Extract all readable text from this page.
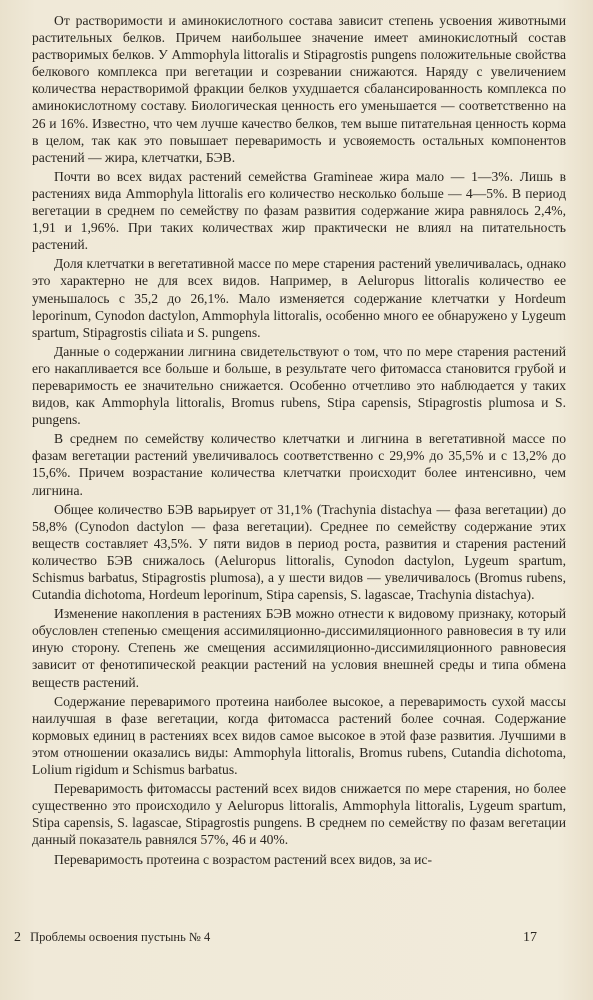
От растворимости и аминокислотного состава зависит степень усвоения животными растительных белков. Причем наибольшее значение имеет аминокислотный состав растворимых белков. У Ammophyla littoralis и Stipagrostis pungens положительные свойства белкового комплекса при вегетации и созревании снижаются. Наряду с увеличением количества нерастворимой фракции белков ухудшается сбалансированность комплекса по аминокислотному составу. Биологическая ценность его уменьшается — соответственно на 26 и 16%. Известно, что чем лучше качество белков, тем выше питательная ценность корма в целом, так как это повышает переваримость и усвояемость остальных компонентов растений — жира, клетчатки, БЭВ.

Почти во всех видах растений семейства Gramineae жира мало — 1—3%. Лишь в растениях вида Ammophyla littoralis его количество несколько больше — 4—5%. В период вегетации в среднем по семейству по фазам развития содержание жира равнялось 2,4%, 1,91 и 1,96%. При таких количествах жир практически не влиял на питательность растений.

Доля клетчатки в вегетативной массе по мере старения растений увеличивалась, однако это характерно не для всех видов. Например, в Aeluropus littoralis количество ее уменьшалось с 35,2 до 26,1%. Мало изменяется содержание клетчатки у Hordeum leporinum, Cynodon dactylon, Ammophyla littoralis, особенно много ее обнаружено у Lygeum spartum, Stipagrostis ciliata и S. pungens.

Данные о содержании лигнина свидетельствуют о том, что по мере старения растений его накапливается все больше и больше, в результате чего фитомасса становится грубой и переваримость ее значительно снижается. Особенно отчетливо это наблюдается у таких видов, как Ammophyla littoralis, Bromus rubens, Stipa capensis, Stipagrostis plumosa и S. pungens.

В среднем по семейству количество клетчатки и лигнина в вегетативной массе по фазам вегетации растений увеличивалось соответственно с 29,9% до 35,5% и с 13,2% до 15,6%. Причем возрастание количества клетчатки происходит более интенсивно, чем лигнина.

Общее количество БЭВ варьирует от 31,1% (Trachynia distachya — фаза вегетации) до 58,8% (Cynodon dactylon — фаза вегетации). Среднее по семейству содержание этих веществ составляет 43,5%. У пяти видов в период роста, развития и старения растений количество БЭВ снижалось (Aeluropus littoralis, Cynodon dactylon, Lygeum spartum, Schismus barbatus, Stipagrostis plumosa), а у шести видов — увеличивалось (Bromus rubens, Cutandia dichotoma, Hordeum leporinum, Stipa capensis, S. lagascae, Trachynia distachya).

Изменение накопления в растениях БЭВ можно отнести к видовому признаку, который обусловлен степенью смещения ассимиляционно-диссимиляционного равновесия в ту или иную сторону. Степень же смещения ассимиляционно-диссимиляционного равновесия зависит от фенотипической реакции растений на условия внешней среды и типа обмена веществ растений.

Содержание переваримого протеина наиболее высокое, а переваримость сухой массы наилучшая в фазе вегетации, когда фитомасса растений более сочная. Содержание кормовых единиц в растениях всех видов самое высокое в этой фазе развития. Лучшими в этом отношении оказались виды: Ammophyla littoralis, Bromus rubens, Cutandia dichotoma, Lolium rigidum и Schismus barbatus.

Переваримость фитомассы растений всех видов снижается по мере старения, но более существенно это происходило у Aeluropus littoralis, Ammophyla littoralis, Lygeum spartum, Stipa capensis, S. lagascae, Stipagrostis pungens. В среднем по семейству по фазам вегетации данный показатель равнялся 57%, 46 и 40%.

Переваримость протеина с возрастом растений всех видов, за ис-

2 Проблемы освоения пустынь № 4	17
